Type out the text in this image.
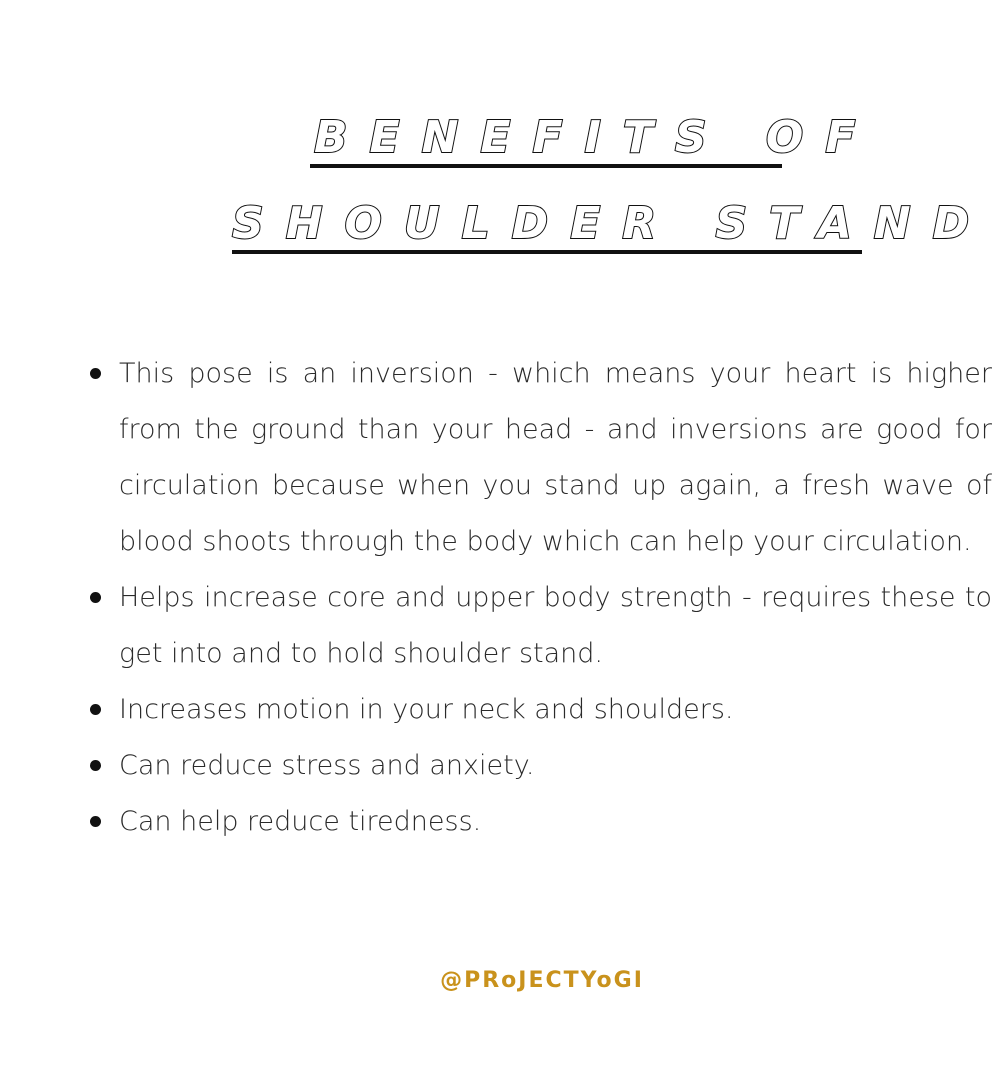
BENEFITS OF
SHOULDER STAND
This pose is an inversion - which means your heart is higher from the ground than your head - and inversions are good for circulation because when you stand up again, a fresh wave of blood shoots through the body which can help your circulation.
Helps increase core and upper body strength - requires these to get into and to hold shoulder stand.
Increases motion in your neck and shoulders.
Can reduce stress and anxiety.
Can help reduce tiredness.
@PRoJECTYoGI
